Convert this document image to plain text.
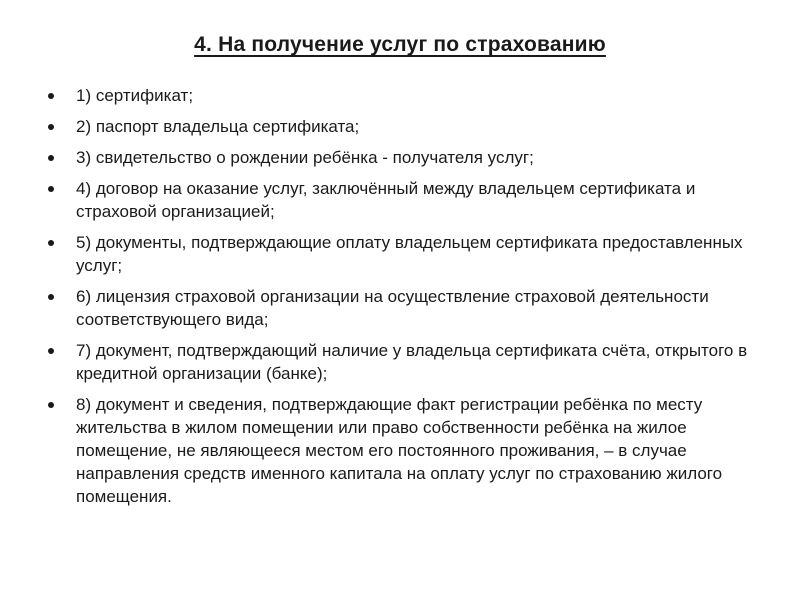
4. На получение услуг по страхованию
1) сертификат;
2) паспорт владельца сертификата;
3) свидетельство о рождении ребёнка - получателя услуг;
4) договор на оказание услуг, заключённый между владельцем сертификата и страховой организацией;
5) документы, подтверждающие оплату владельцем сертификата предоставленных услуг;
6) лицензия страховой организации на осуществление страховой деятельности соответствующего вида;
7) документ, подтверждающий наличие у владельца сертификата счёта, открытого в кредитной организации (банке);
8) документ и сведения, подтверждающие факт регистрации ребёнка по месту жительства в жилом помещении или право собственности ребёнка на жилое помещение, не являющееся местом его постоянного проживания, – в случае направления средств именного капитала на оплату услуг по страхованию жилого помещения.
